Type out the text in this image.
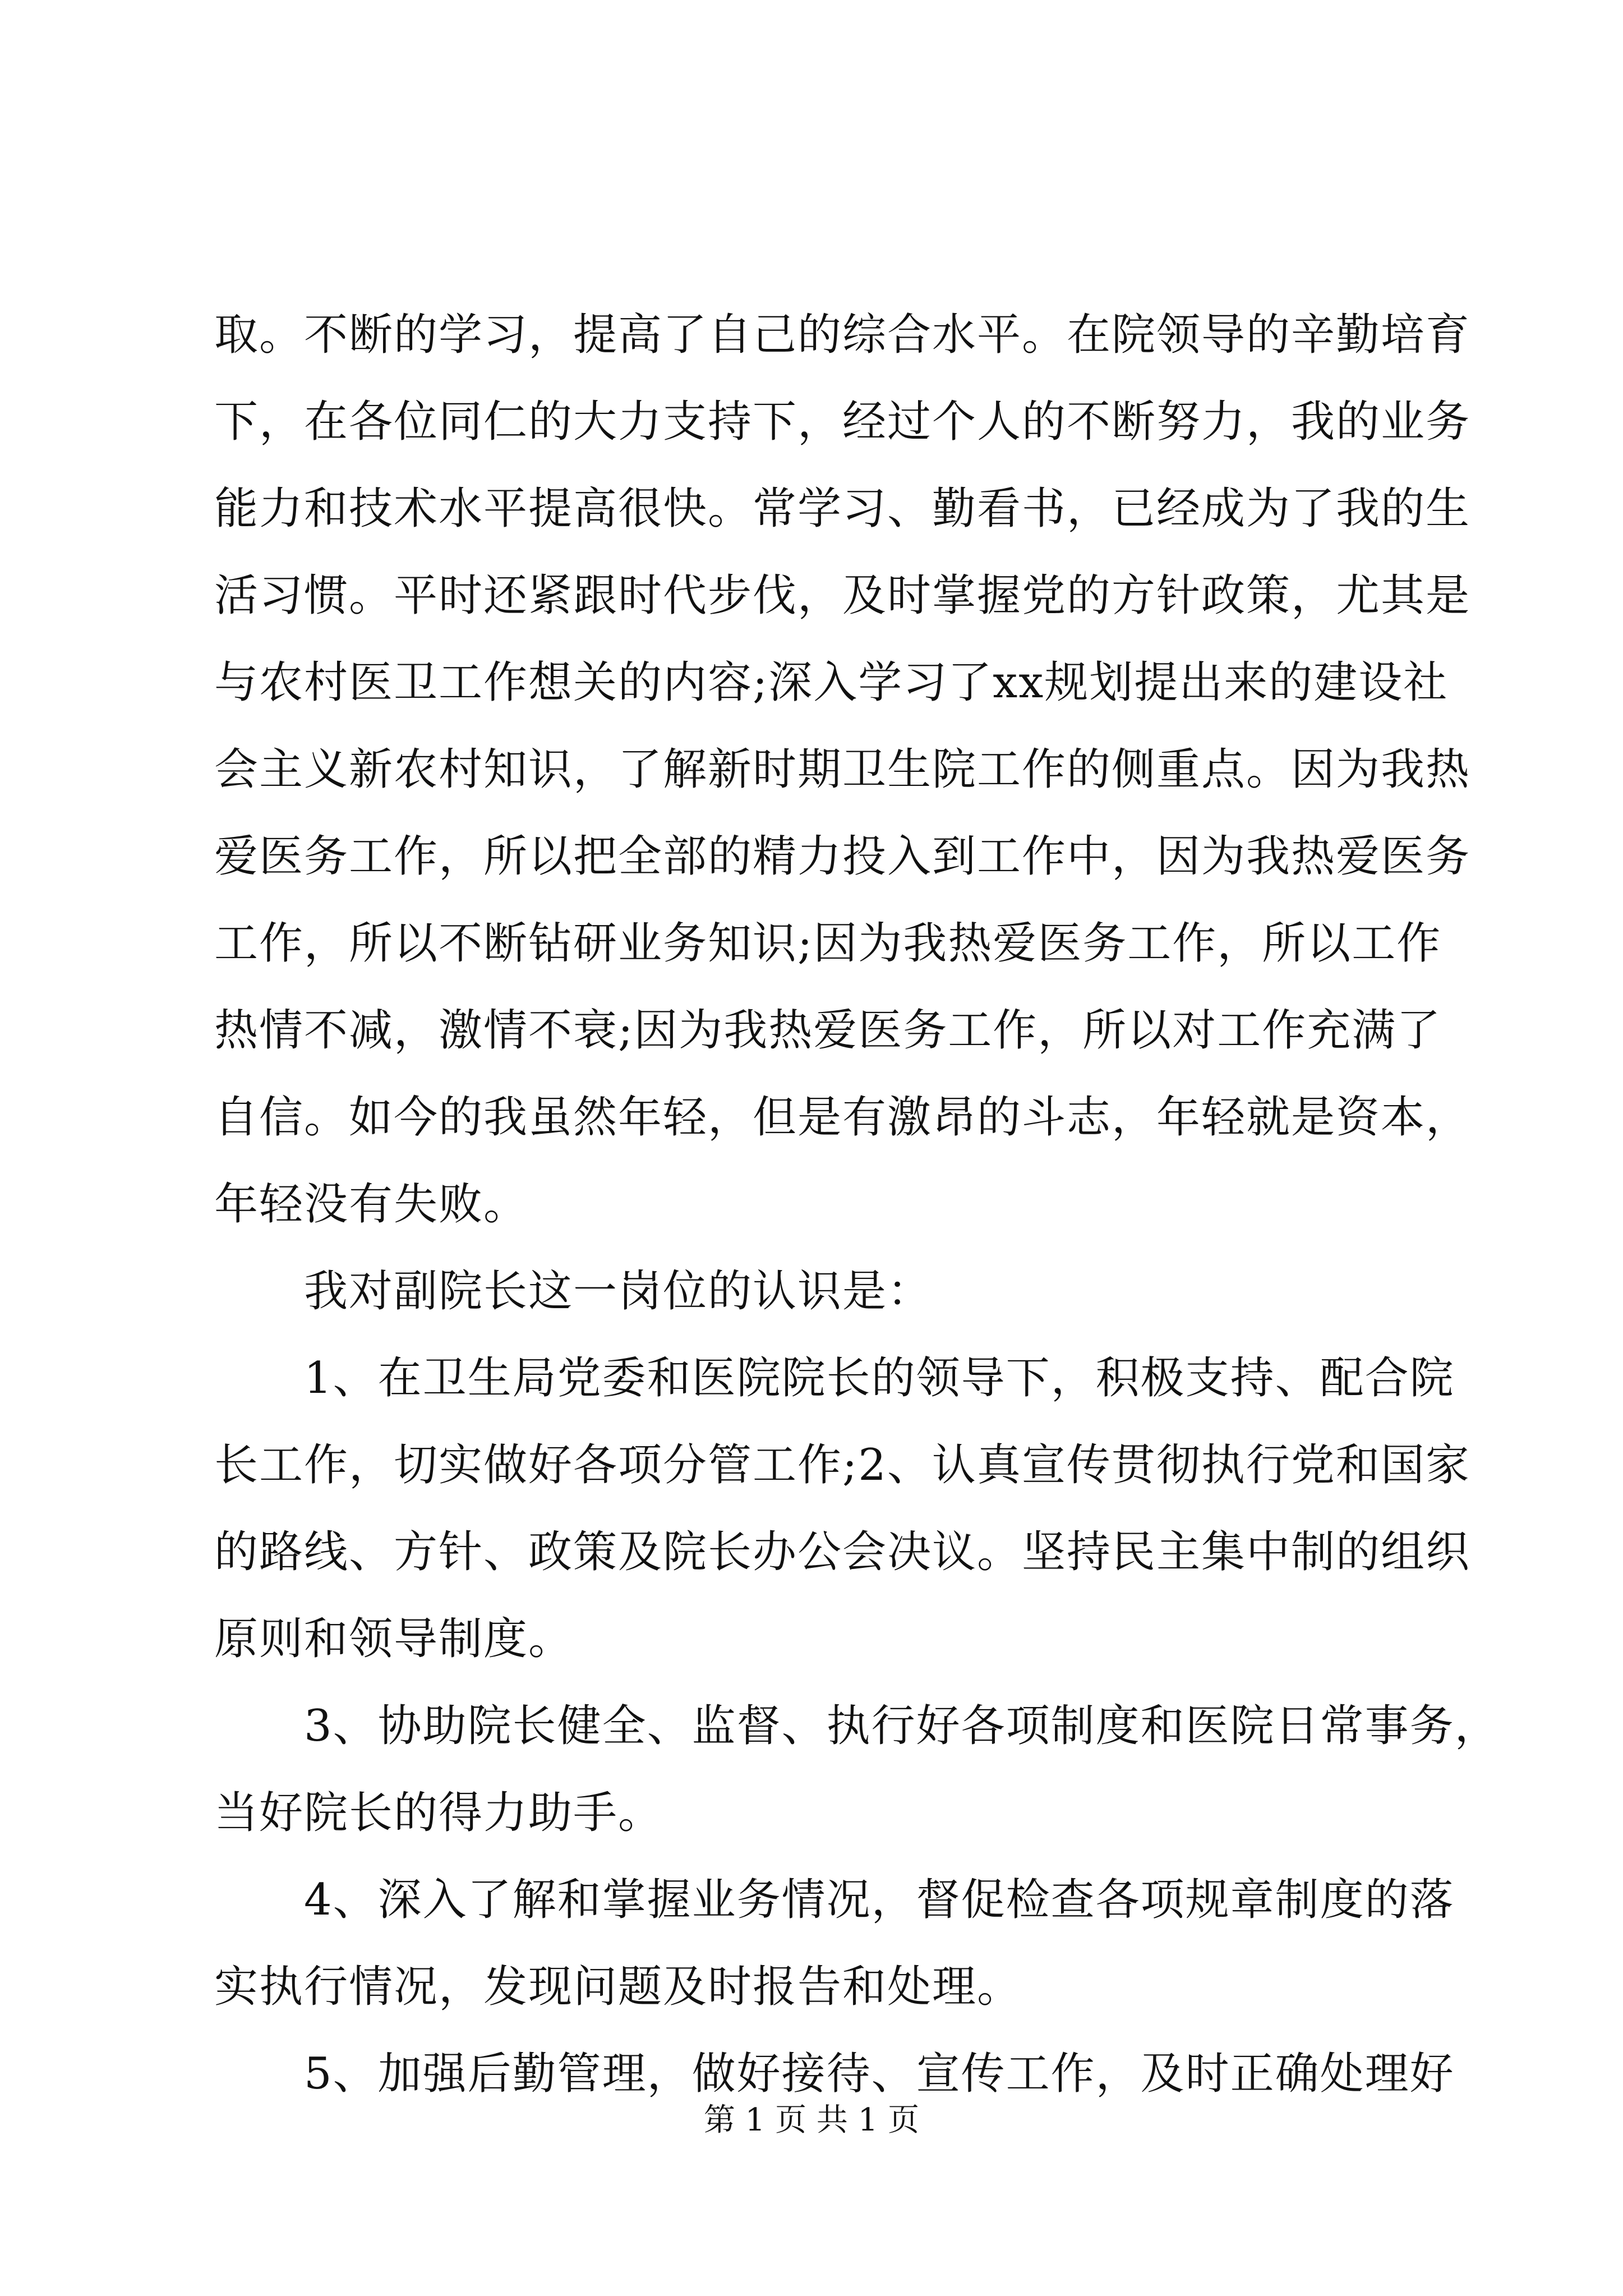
取。不断的学习，提高了自己的综合水平。在院领导的辛勤培育
下，在各位同仁的大力支持下，经过个人的不断努力，我的业务
能力和技术水平提高很快。常学习、勤看书，已经成为了我的生
活习惯。平时还紧跟时代步伐，及时掌握党的方针政策，尤其是
与农村医卫工作想关的内容;深入学习了xx规划提出来的建设社
会主义新农村知识，了解新时期卫生院工作的侧重点。因为我热
爱医务工作，所以把全部的精力投入到工作中，因为我热爱医务
工作，所以不断钻研业务知识;因为我热爱医务工作，所以工作
热情不减，激情不衰;因为我热爱医务工作，所以对工作充满了
自信。如今的我虽然年轻，但是有激昂的斗志，年轻就是资本，
年轻没有失败。
我对副院长这一岗位的认识是：
1、在卫生局党委和医院院长的领导下，积极支持、配合院
长工作，切实做好各项分管工作;2、认真宣传贯彻执行党和国家
的路线、方针、政策及院长办公会决议。坚持民主集中制的组织
原则和领导制度。
3、协助院长健全、监督、执行好各项制度和医院日常事务，
当好院长的得力助手。
4、深入了解和掌握业务情况，督促检查各项规章制度的落
实执行情况，发现问题及时报告和处理。
5、加强后勤管理，做好接待、宣传工作，及时正确处理好
第 1 页 共 1 页
